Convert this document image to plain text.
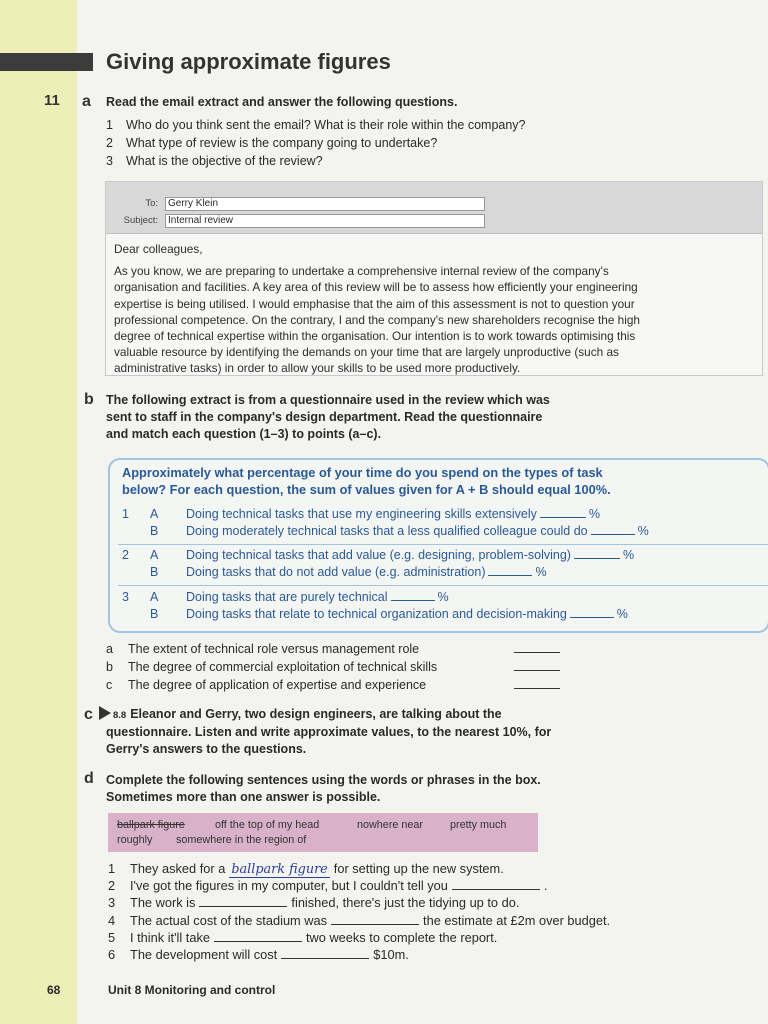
Giving approximate figures
11 a Read the email extract and answer the following questions.
1	Who do you think sent the email? What is their role within the company?
2	What type of review is the company going to undertake?
3	What is the objective of the review?
To:	Gerry Klein
Subject:	Internal review

Dear colleagues,

As you know, we are preparing to undertake a comprehensive internal review of the company's
organisation and facilities. A key area of this review will be to assess how efficiently your engineering
expertise is being utilised. I would emphasise that the aim of this assessment is not to question your
professional competence. On the contrary, I and the company's new shareholders recognise the high
degree of technical expertise within the organisation. Our intention is to work towards optimising this
valuable resource by identifying the demands on your time that are largely unproductive (such as
administrative tasks) in order to allow your skills to be used more productively.
b The following extract is from a questionnaire used in the review which was
sent to staff in the company's design department. Read the questionnaire
and match each question (1–3) to points (a–c).
Approximately what percentage of your time do you spend on the types of task
below? For each question, the sum of values given for A + B should equal 100%.
1	A	Doing technical tasks that use my engineering skills extensively	%
B	Doing moderately technical tasks that a less qualified colleague could do	%
2	A	Doing technical tasks that add value (e.g. designing, problem-solving)	%
B	Doing tasks that do not add value (e.g. administration)	%
3	A	Doing tasks that are purely technical	%
B	Doing tasks that relate to technical organization and decision-making	%
a	The extent of technical role versus management role
b	The degree of commercial exploitation of technical skills
c	The degree of application of expertise and experience
c	8.8 Eleanor and Gerry, two design engineers, are talking about the
questionnaire. Listen and write approximate values, to the nearest 10%, for
Gerry's answers to the questions.
d Complete the following sentences using the words or phrases in the box.
Sometimes more than one answer is possible.
ballpark figure	off the top of my head	nowhere near pretty much
roughly somewhere in the region of
1 They asked for a ballpark figure for setting up the new system.
2 I've got the figures in my computer, but I couldn't tell you	.
3 The work is	finished, there's just the tidying up to do.
4 The actual cost of the stadium was	the estimate at £2m over budget.
5 I think it'll take	two weeks to complete the report.
6 The development will cost	$10m.
68	Unit 8 Monitoring and control
